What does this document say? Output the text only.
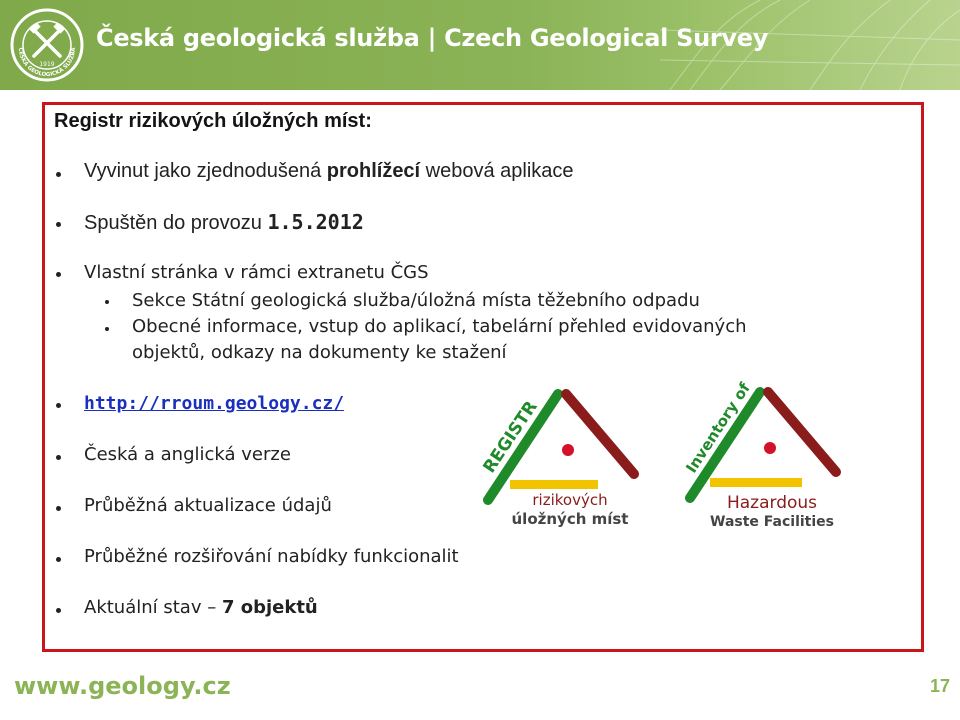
1919
ČESKÁ GEOLOGICKÁ SLUŽBA Česká geologická služba | Czech Geological Survey
Registr rizikových úložných míst:
Vyvinut jako zjednodušená prohlížecí webová aplikace
Spuštěn do provozu 1.5.2012
Vlastní stránka v rámci extranetu ČGS
Sekce Státní geologická služba/úložná místa těžebního odpadu
Obecné informace, vstup do aplikací, tabelární přehled evidovaných
objektů, odkazy na dokumenty ke stažení
http://rroum.geology.cz/
Česká a anglická verze
Průběžná aktualizace údajů
Průběžné rozšiřování nabídky funkcionalit
Aktuální stav – 7 objektů
REGISTR
rizikových
úložných míst
Inventory of
Hazardous
Waste Facilities
www.geology.cz	17
